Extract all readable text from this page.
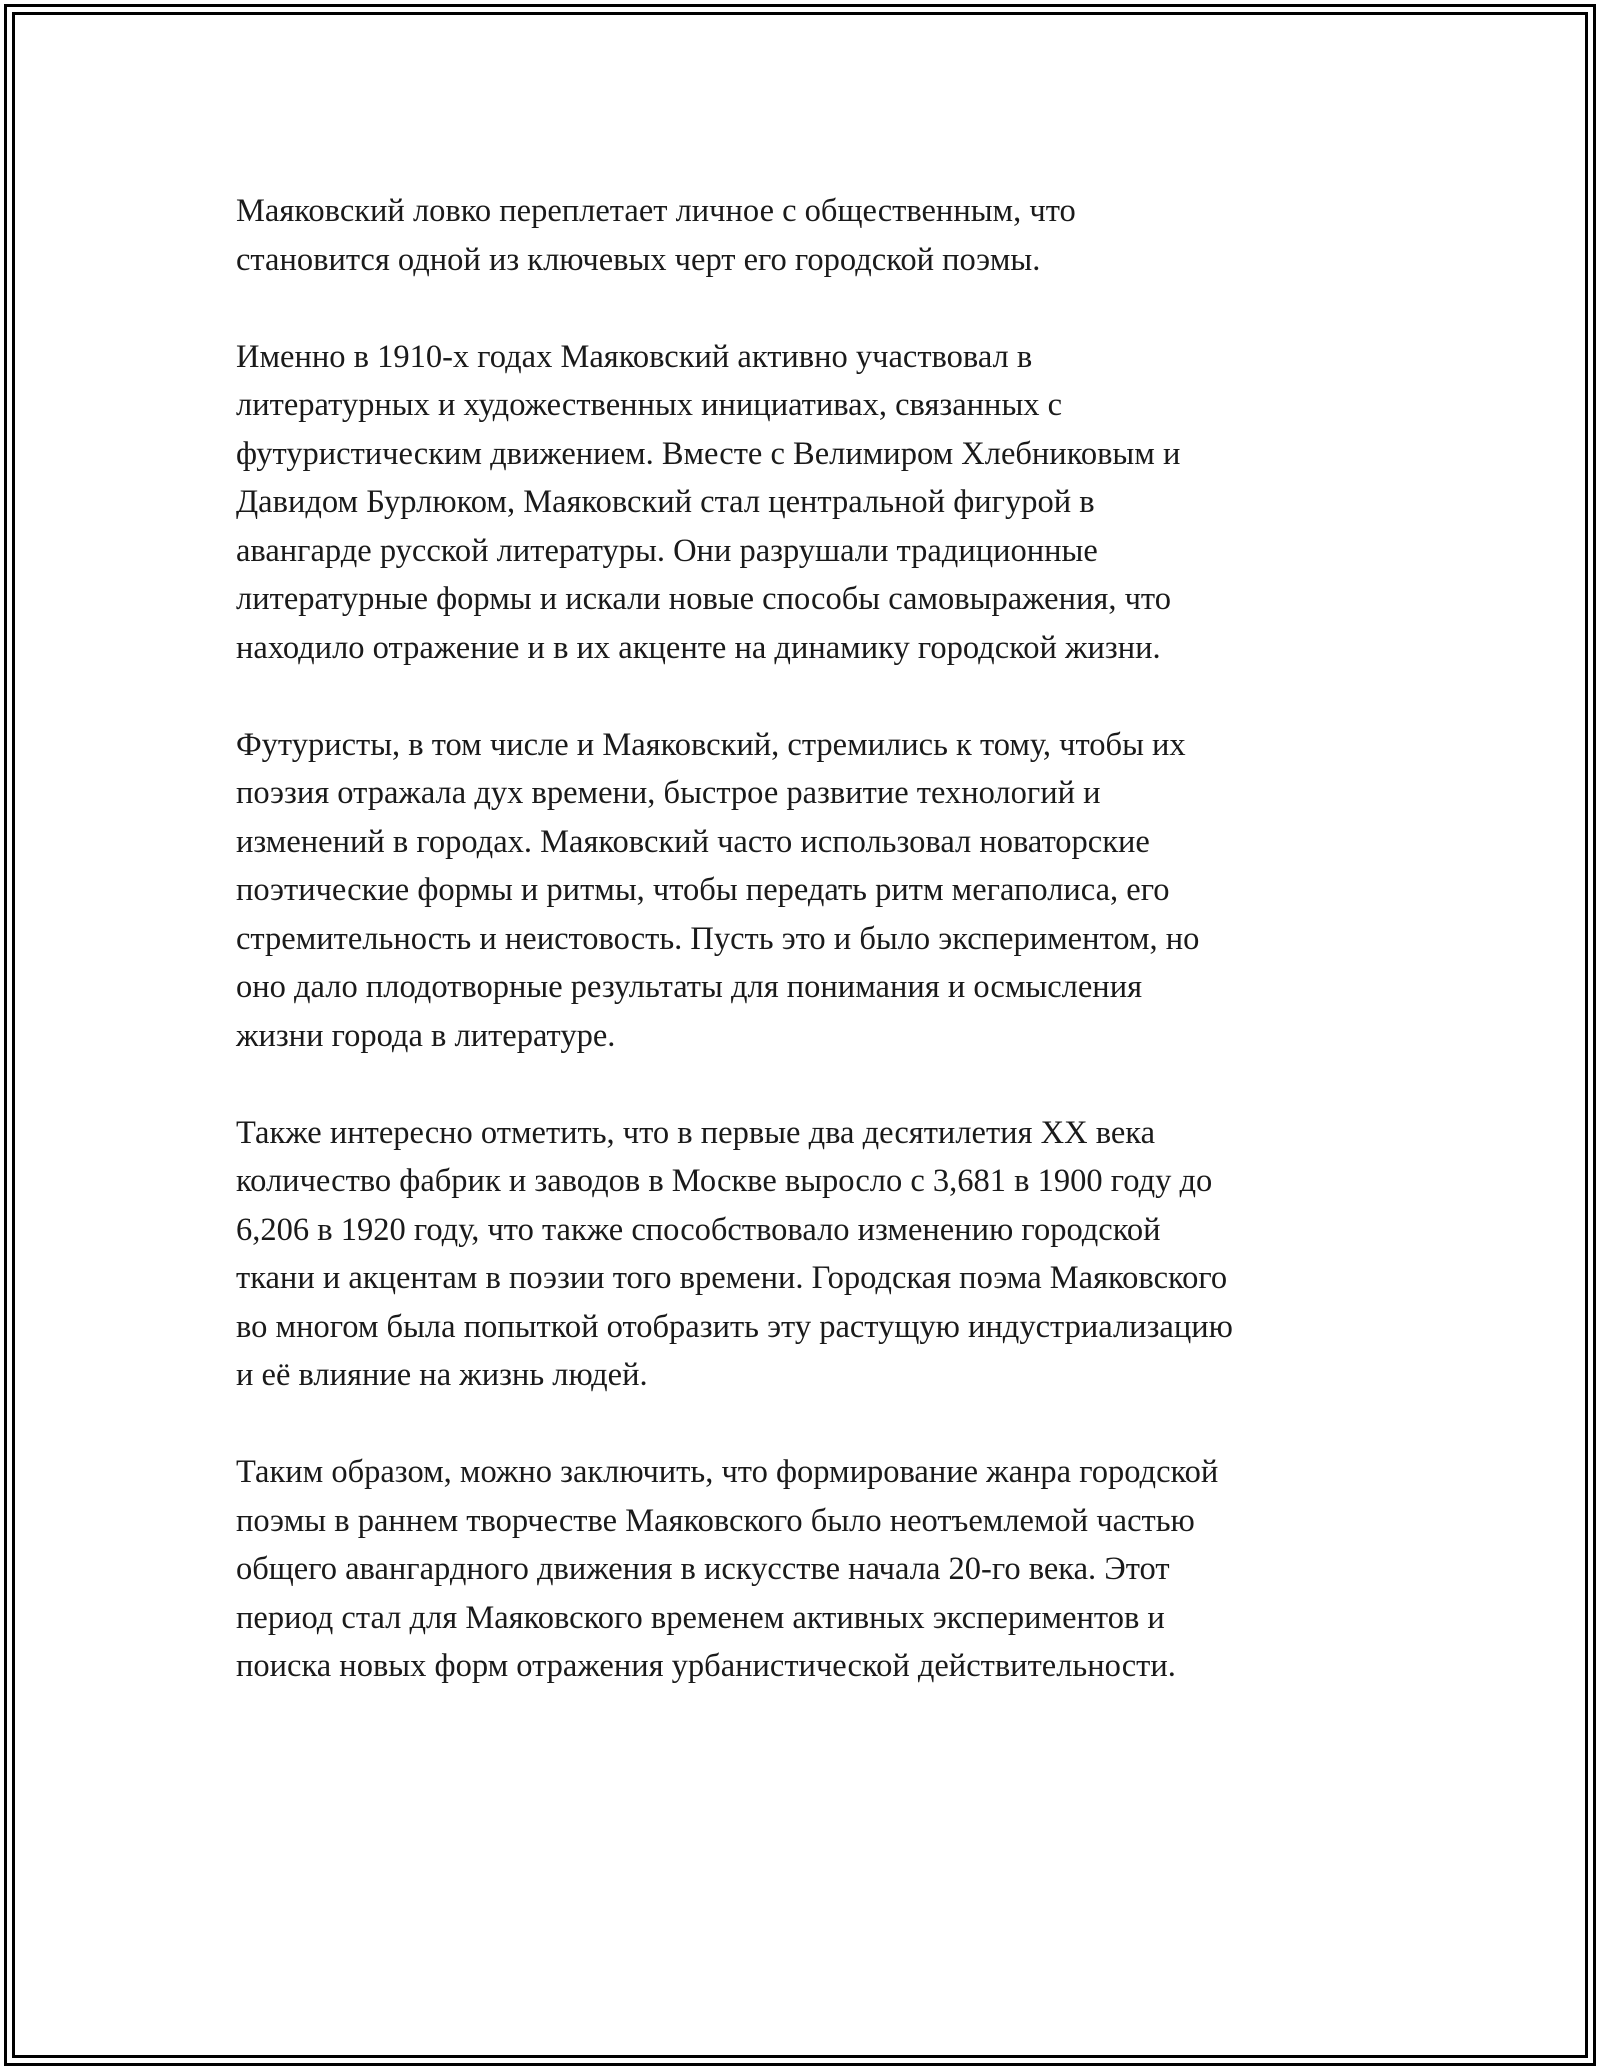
Маяковский ловко переплетает личное с общественным, что
становится одной из ключевых черт его городской поэмы.

Именно в 1910-х годах Маяковский активно участвовал в
литературных и художественных инициативах, связанных с
футуристическим движением. Вместе с Велимиром Хлебниковым и
Давидом Бурлюком, Маяковский стал центральной фигурой в
авангарде русской литературы. Они разрушали традиционные
литературные формы и искали новые способы самовыражения, что
находило отражение и в их акценте на динамику городской жизни.

Футуристы, в том числе и Маяковский, стремились к тому, чтобы их
поэзия отражала дух времени, быстрое развитие технологий и
изменений в городах. Маяковский часто использовал новаторские
поэтические формы и ритмы, чтобы передать ритм мегаполиса, его
стремительность и неистовость. Пусть это и было экспериментом, но
оно дало плодотворные результаты для понимания и осмысления
жизни города в литературе.

Также интересно отметить, что в первые два десятилетия XX века
количество фабрик и заводов в Москве выросло с 3,681 в 1900 году до
6,206 в 1920 году, что также способствовало изменению городской
ткани и акцентам в поэзии того времени. Городская поэма Маяковского
во многом была попыткой отобразить эту растущую индустриализацию
и её влияние на жизнь людей.

Таким образом, можно заключить, что формирование жанра городской
поэмы в раннем творчестве Маяковского было неотъемлемой частью
общего авангардного движения в искусстве начала 20-го века. Этот
период стал для Маяковского временем активных экспериментов и
поиска новых форм отражения урбанистической действительности.
